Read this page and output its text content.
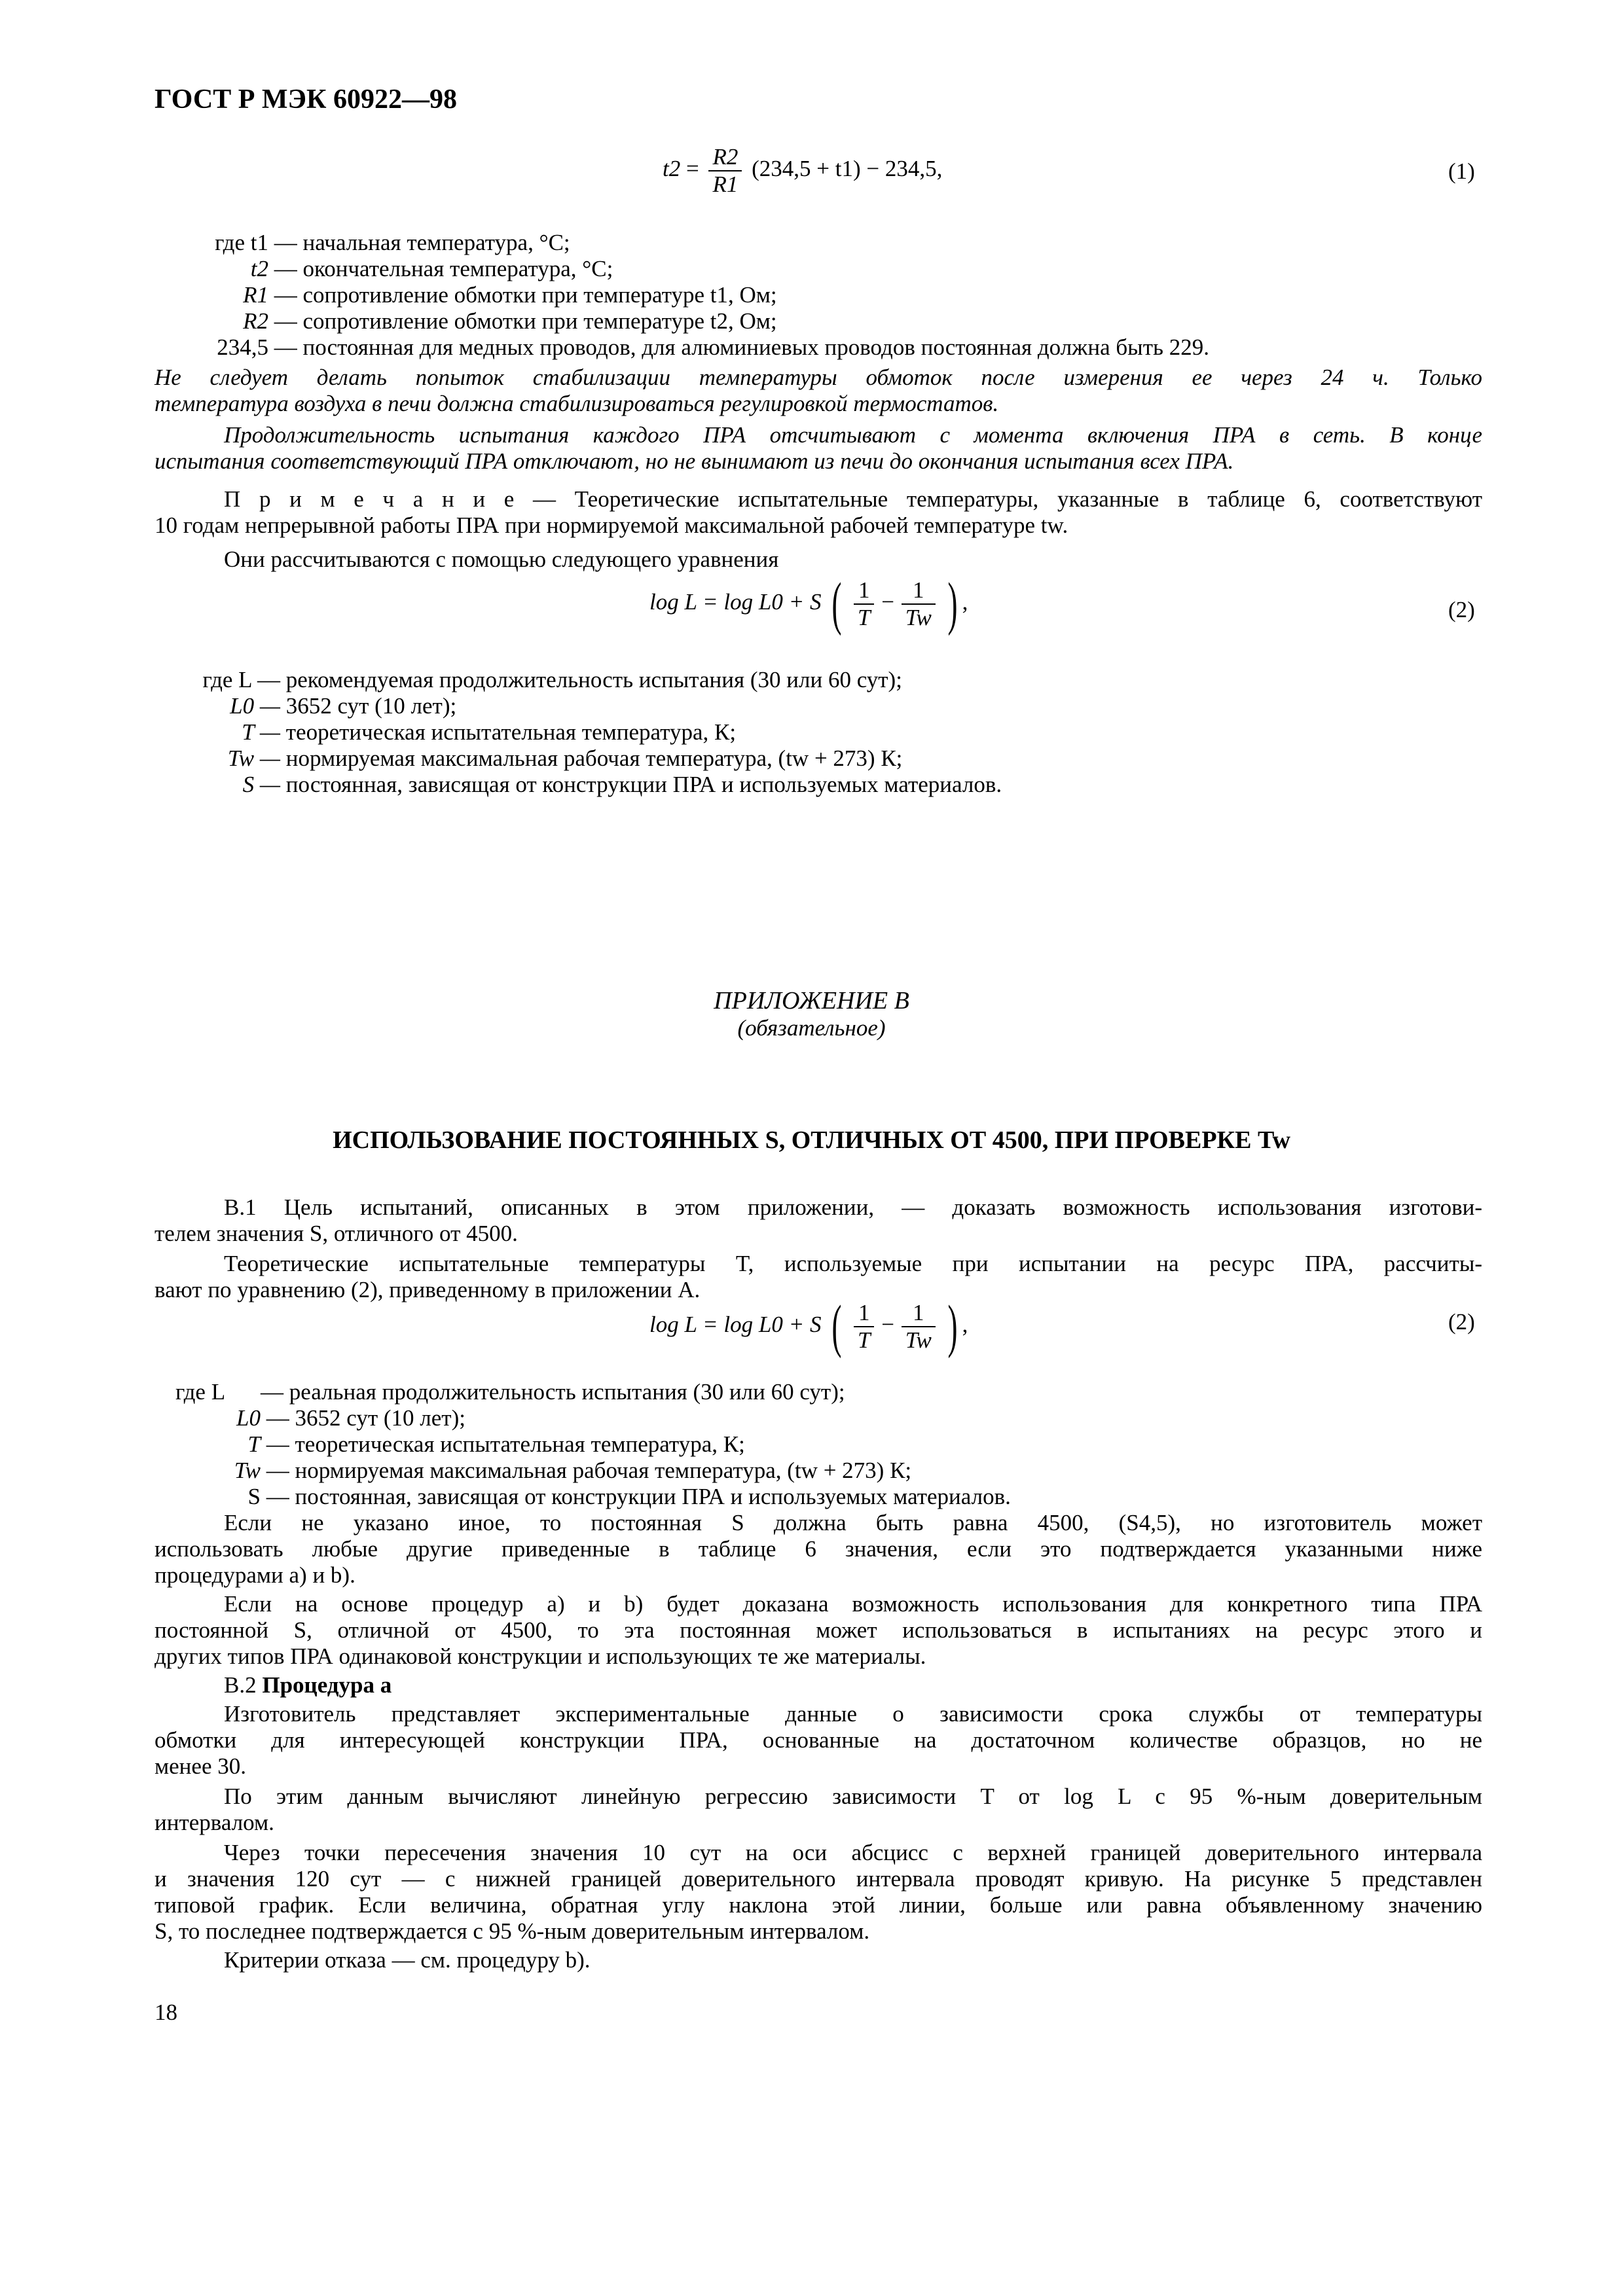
ГОСТ Р МЭК 60922—98
$t2 = \frac{R2}{R1} (234,5 + t1) - 234,5$,	(1)
где t1 — начальная температура, °С;
t2 — окончательная температура, °С;
R1 — сопротивление обмотки при температуре t1, Ом;
R2 — сопротивление обмотки при температуре t2, Ом;
234,5 — постоянная для медных проводов, для алюминиевых проводов постоянная должна быть 229.
Не следует делать попыток стабилизации температуры обмоток после измерения ее через 24 ч. Только
температура воздуха в печи должна стабилизироваться регулировкой термостатов.
Продолжительность испытания каждого ПРА отсчитывают с момента включения ПРА в сеть. В конце
испытания соответствующий ПРА отключают, но не вынимают из печи до окончания испытания всех ПРА.
П р и м е ч а н и е — Теоретические испытательные температуры, указанные в таблице 6, соответствуют
10 годам непрерывной работы ПРА при нормируемой максимальной рабочей температуре tw.
Они рассчитываются с помощью следующего уравнения
log L = log L0 + S ( $\frac{1}{T} - \frac{1}{Tw}$ ) ,	(2)
где L — рекомендуемая продолжительность испытания (30 или 60 сут);
L0 — 3652 сут (10 лет);
T — теоретическая испытательная температура, К;
Tw — нормируемая максимальная рабочая температура, (tw + 273) К;
S — постоянная, зависящая от конструкции ПРА и используемых материалов.
ПРИЛОЖЕНИЕ В
(обязательное)
ИСПОЛЬЗОВАНИЕ ПОСТОЯННЫХ S, ОТЛИЧНЫХ ОТ 4500, ПРИ ПРОВЕРКЕ Tw
В.1 Цель испытаний, описанных в этом приложении, — доказать возможность использования изготови-
телем значения S, отличного от 4500.
Теоретические испытательные температуры T, используемые при испытании на ресурс ПРА, рассчиты-
вают по уравнению (2), приведенному в приложении А.
log L = log L0 + S ( $\frac{1}{T} - \frac{1}{Tw}$ ) ,	(2)
где L — реальная продолжительность испытания (30 или 60 сут);
L0 — 3652 сут (10 лет);
T — теоретическая испытательная температура, К;
Tw — нормируемая максимальная рабочая температура, (tw + 273) К;
S — постоянная, зависящая от конструкции ПРА и используемых материалов.
Если не указано иное, то постоянная S должна быть равна 4500, (S4,5), но изготовитель может
использовать любые другие приведенные в таблице 6 значения, если это подтверждается указанными ниже
процедурами а) и b).
Если на основе процедур а) и b) будет доказана возможность использования для конкретного типа ПРА
постоянной S, отличной от 4500, то эта постоянная может использоваться в испытаниях на ресурс этого и
других типов ПРА одинаковой конструкции и использующих те же материалы.
В.2 Процедура а
Изготовитель представляет экспериментальные данные о зависимости срока службы от температуры
обмотки для интересующей конструкции ПРА, основанные на достаточном количестве образцов, но не
менее 30.
По этим данным вычисляют линейную регрессию зависимости T от log L с 95 %-ным доверительным
интервалом.
Через точки пересечения значения 10 сут на оси абсцисс с верхней границей доверительного интервала
и значения 120 сут — с нижней границей доверительного интервала проводят кривую. На рисунке 5 представлен
типовой график. Если величина, обратная углу наклона этой линии, больше или равна объявленному значению
S, то последнее подтверждается с 95 %-ным доверительным интервалом.
Критерии отказа — см. процедуру b).
18
